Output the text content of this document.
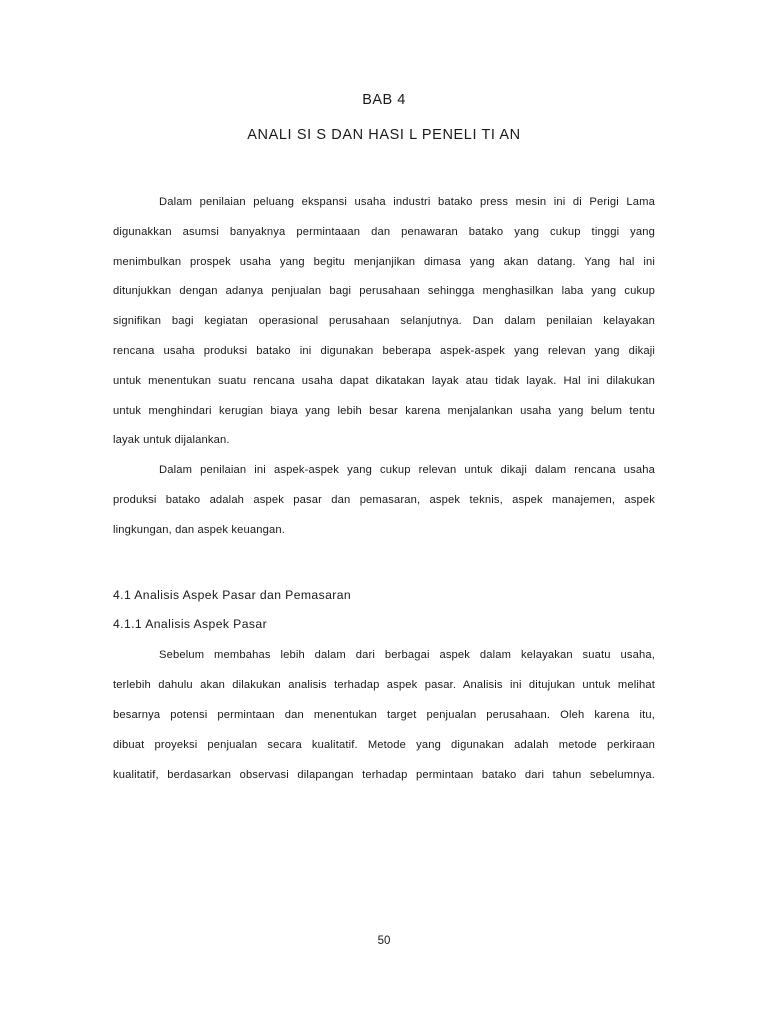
BAB 4
ANALI SI S DAN HASI L PENELI TI AN
Dalam penilaian peluang ekspansi usaha industri batako press mesin ini di Perigi Lama
digunakkan asumsi banyaknya permintaaan dan penawaran batako yang cukup tinggi yang
menimbulkan prospek usaha yang begitu menjanjikan dimasa yang akan datang. Yang hal ini
ditunjukkan dengan adanya penjualan bagi perusahaan sehingga menghasilkan laba yang cukup
signifikan bagi kegiatan operasional perusahaan selanjutnya. Dan dalam penilaian kelayakan
rencana usaha produksi batako ini digunakan beberapa aspek-aspek yang relevan yang dikaji
untuk menentukan suatu rencana usaha dapat dikatakan layak atau tidak layak. Hal ini dilakukan
untuk menghindari kerugian biaya yang lebih besar karena menjalankan usaha yang belum tentu
layak untuk dijalankan.
Dalam penilaian ini aspek-aspek yang cukup relevan untuk dikaji dalam rencana usaha
produksi batako adalah aspek pasar dan pemasaran, aspek teknis, aspek manajemen, aspek
lingkungan, dan aspek keuangan.
4.1 Analisis Aspek Pasar dan Pemasaran
4.1.1 Analisis Aspek Pasar
Sebelum membahas lebih dalam dari berbagai aspek dalam kelayakan suatu usaha,
terlebih dahulu akan dilakukan analisis terhadap aspek pasar. Analisis ini ditujukan untuk melihat
besarnya potensi permintaan dan menentukan target penjualan perusahaan. Oleh karena itu,
dibuat proyeksi penjualan secara kualitatif. Metode yang digunakan adalah metode perkiraan
kualitatif, berdasarkan observasi dilapangan terhadap permintaan batako dari tahun sebelumnya.
50
